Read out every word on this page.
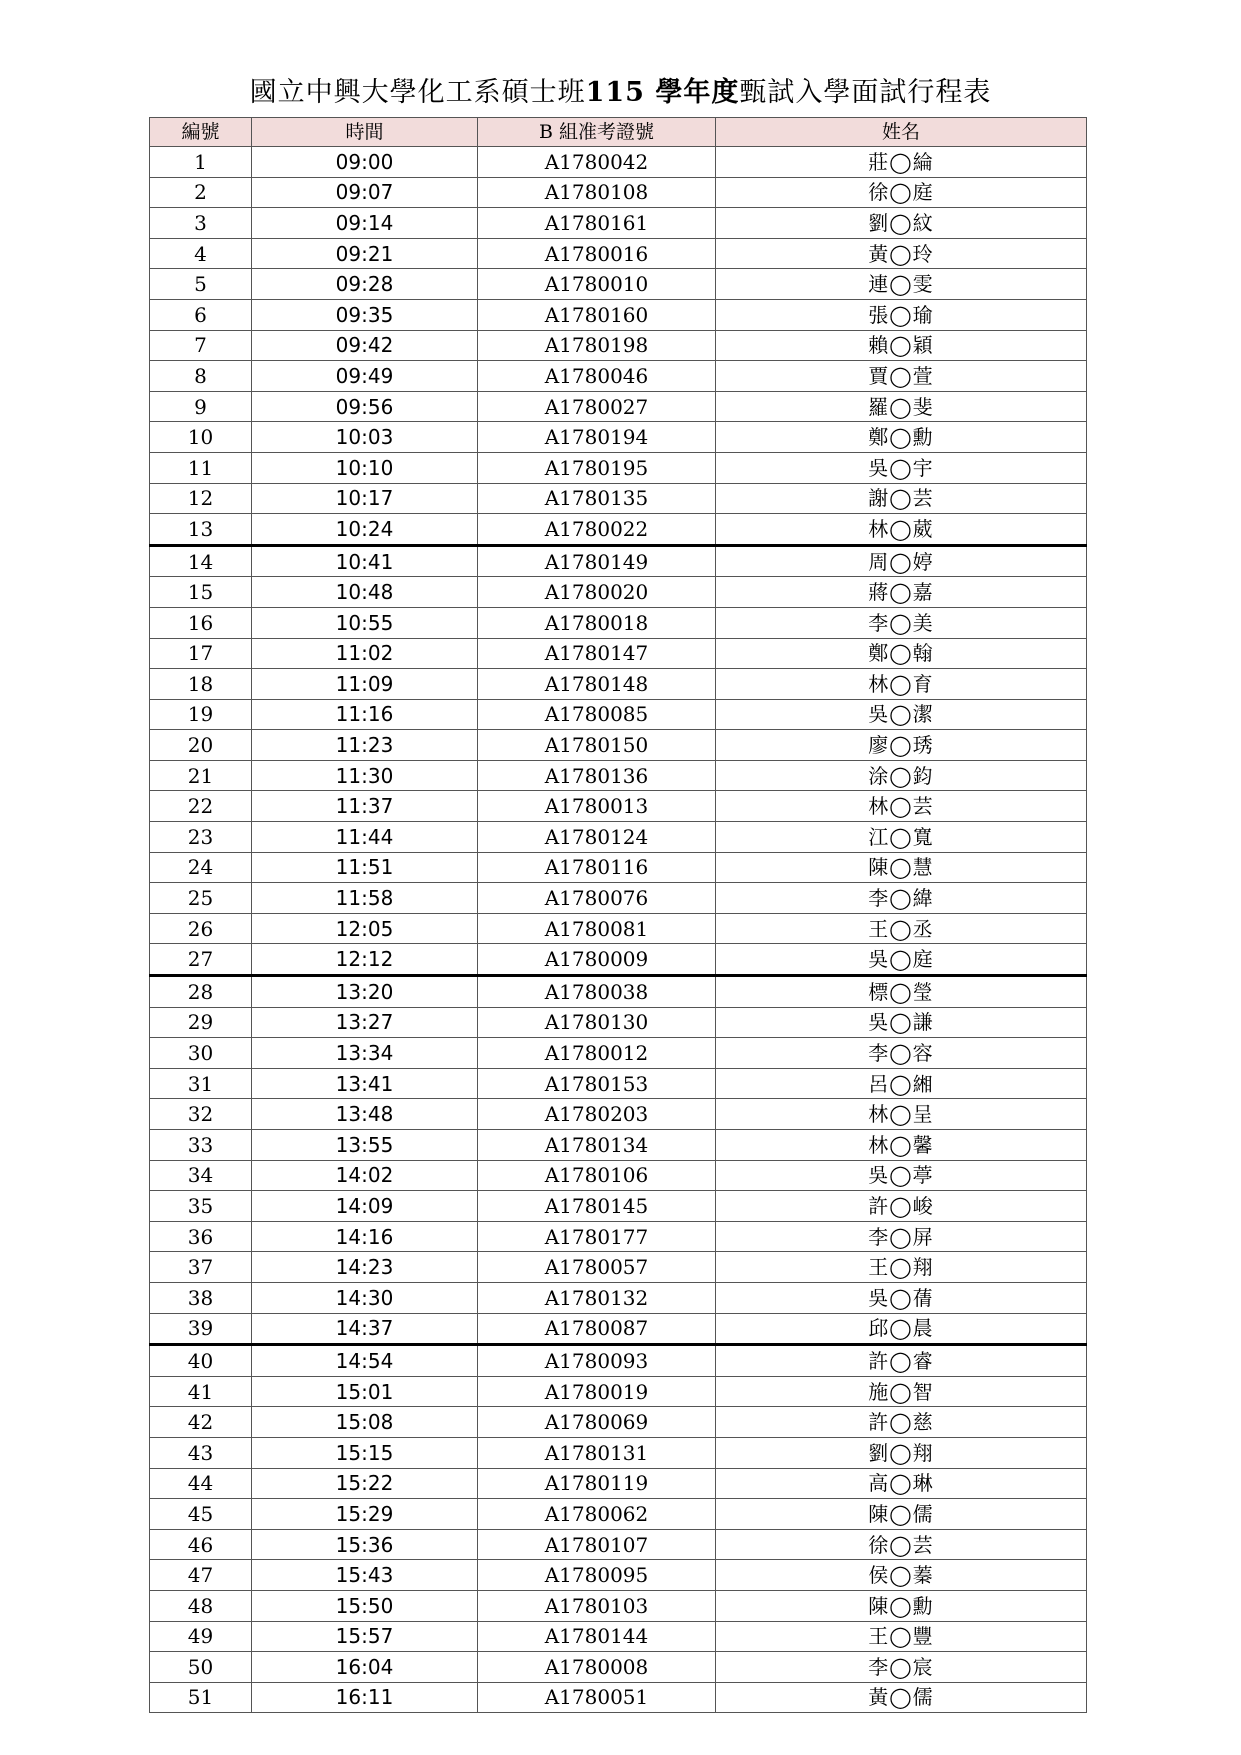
國立中興大學化工系碩士班115 學年度甄試入學面試行程表
編號	時間	B 組准考證號	姓名
1	09:00	A1780042	莊◯綸
2	09:07	A1780108	徐◯庭
3	09:14	A1780161	劉◯紋
4	09:21	A1780016	黃◯玲
5	09:28	A1780010	連◯雯
6	09:35	A1780160	張◯瑜
7	09:42	A1780198	賴◯穎
8	09:49	A1780046	賈◯萱
9	09:56	A1780027	羅◯斐
10	10:03	A1780194	鄭◯勳
11	10:10	A1780195	吳◯宇
12	10:17	A1780135	謝◯芸
13	10:24	A1780022	林◯葳
14	10:41	A1780149	周◯婷
15	10:48	A1780020	蔣◯嘉
16	10:55	A1780018	李◯美
17	11:02	A1780147	鄭◯翰
18	11:09	A1780148	林◯育
19	11:16	A1780085	吳◯潔
20	11:23	A1780150	廖◯琇
21	11:30	A1780136	涂◯鈞
22	11:37	A1780013	林◯芸
23	11:44	A1780124	江◯寬
24	11:51	A1780116	陳◯慧
25	11:58	A1780076	李◯緯
26	12:05	A1780081	王◯丞
27	12:12	A1780009	吳◯庭
28	13:20	A1780038	標◯瑩
29	13:27	A1780130	吳◯謙
30	13:34	A1780012	李◯容
31	13:41	A1780153	呂◯緗
32	13:48	A1780203	林◯呈
33	13:55	A1780134	林◯馨
34	14:02	A1780106	吳◯葶
35	14:09	A1780145	許◯峻
36	14:16	A1780177	李◯屏
37	14:23	A1780057	王◯翔
38	14:30	A1780132	吳◯蒨
39	14:37	A1780087	邱◯晨
40	14:54	A1780093	許◯睿
41	15:01	A1780019	施◯智
42	15:08	A1780069	許◯慈
43	15:15	A1780131	劉◯翔
44	15:22	A1780119	高◯琳
45	15:29	A1780062	陳◯儒
46	15:36	A1780107	徐◯芸
47	15:43	A1780095	侯◯蓁
48	15:50	A1780103	陳◯勳
49	15:57	A1780144	王◯豐
50	16:04	A1780008	李◯宸
51	16:11	A1780051	黃◯儒
